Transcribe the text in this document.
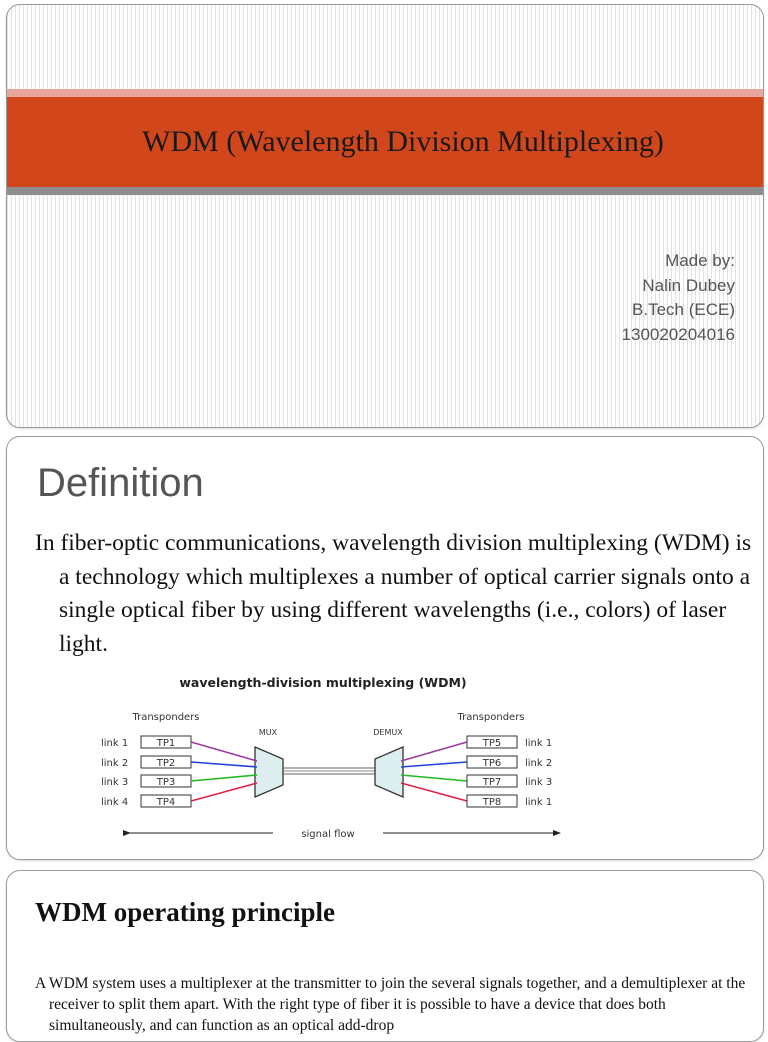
WDM (Wavelength Division Multiplexing)
Made by:
Nalin Dubey
B.Tech (ECE)
130020204016
Definition

In fiber-optic communications, wavelength division multiplexing (WDM) is a technology which multiplexes a number of optical carrier signals onto a single optical fiber by using different wavelengths (i.e., colors) of laser light.

wavelength-division multiplexing (WDM)
Transponders	Transponders
MUX	DEMUX
link 1	TP1	TP5 link 1
link 2	TP2	TP6 link 2
link 3	TP3	TP7 link 3
link 4	TP4	TP8 link 1
signal flow
WDM operating principle

A WDM system uses a multiplexer at the transmitter to join the several signals together, and a demultiplexer at the receiver to split them apart. With the right type of fiber it is possible to have a device that does both simultaneously, and can function as an optical add-drop
